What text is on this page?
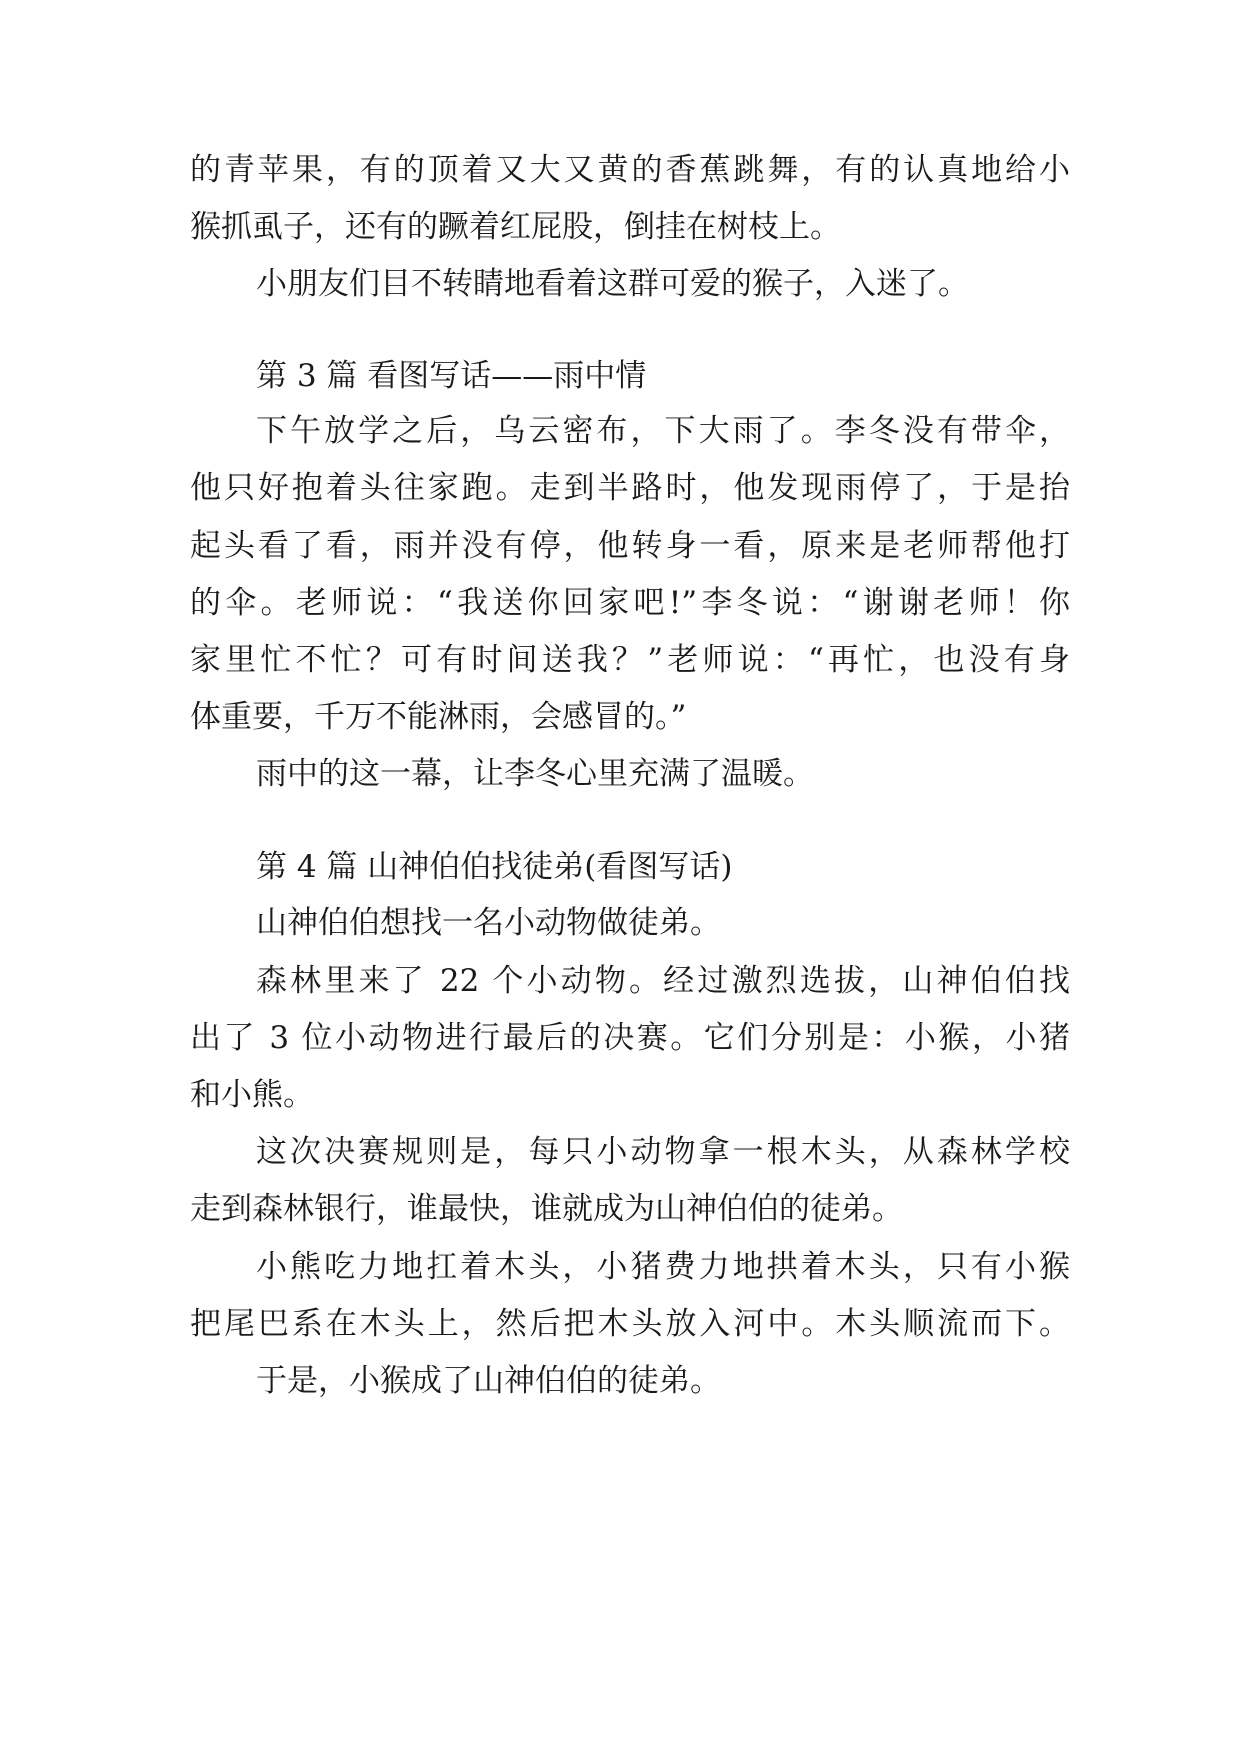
的青苹果，有的顶着又大又黄的香蕉跳舞，有的认真地给小
猴抓虱子，还有的蹶着红屁股，倒挂在树枝上。
小朋友们目不转睛地看着这群可爱的猴子，入迷了。
第 3 篇 看图写话——雨中情
下午放学之后，乌云密布，下大雨了。李冬没有带伞，
他只好抱着头往家跑。走到半路时，他发现雨停了，于是抬
起头看了看，雨并没有停，他转身一看，原来是老师帮他打
的伞。老师说：“我送你回家吧!”李冬说：“谢谢老师！你
家里忙不忙？可有时间送我？”老师说：“再忙，也没有身
体重要，千万不能淋雨，会感冒的。”
雨中的这一幕，让李冬心里充满了温暖。
第 4 篇 山神伯伯找徒弟(看图写话)
山神伯伯想找一名小动物做徒弟。
森林里来了 22 个小动物。经过激烈选拔，山神伯伯找
出了 3 位小动物进行最后的决赛。它们分别是：小猴，小猪
和小熊。
这次决赛规则是，每只小动物拿一根木头，从森林学校
走到森林银行，谁最快，谁就成为山神伯伯的徒弟。
小熊吃力地扛着木头，小猪费力地拱着木头，只有小猴
把尾巴系在木头上，然后把木头放入河中。木头顺流而下。
于是，小猴成了山神伯伯的徒弟。
